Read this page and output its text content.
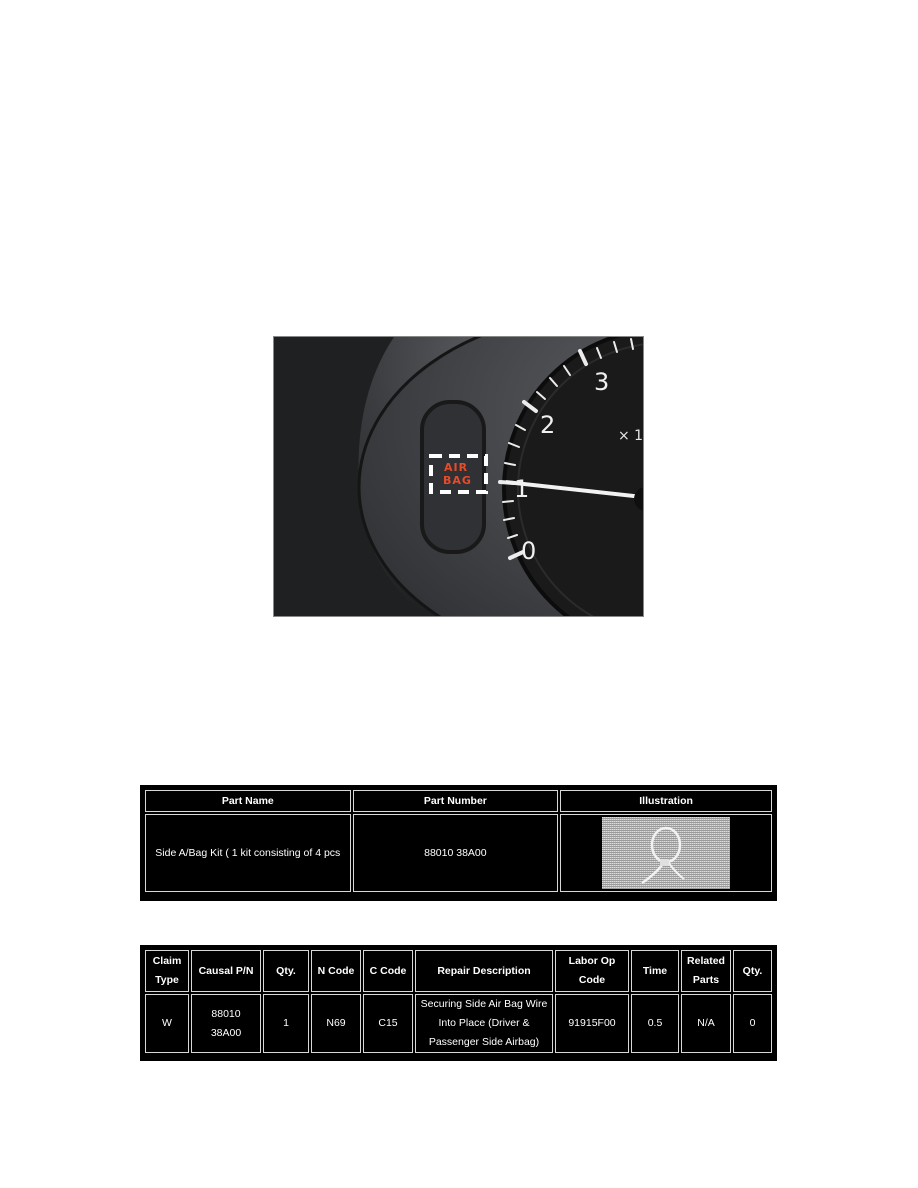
0
1
2
3
× 1
AIR
BAG
Part Name	Part Number	Illustration
Side A/Bag Kit ( 1 kit consisting of 4 pcs	88010 38A00	
Claim Type	Causal P/N	Qty.	N Code	C Code	Repair Description	Labor Op Code	Time	Related Parts	Qty.
W	88010 38A00	1	N69	C15	Securing Side Air Bag Wire Into Place (Driver & Passenger Side Airbag)	91915F00	0.5	N/A	0
